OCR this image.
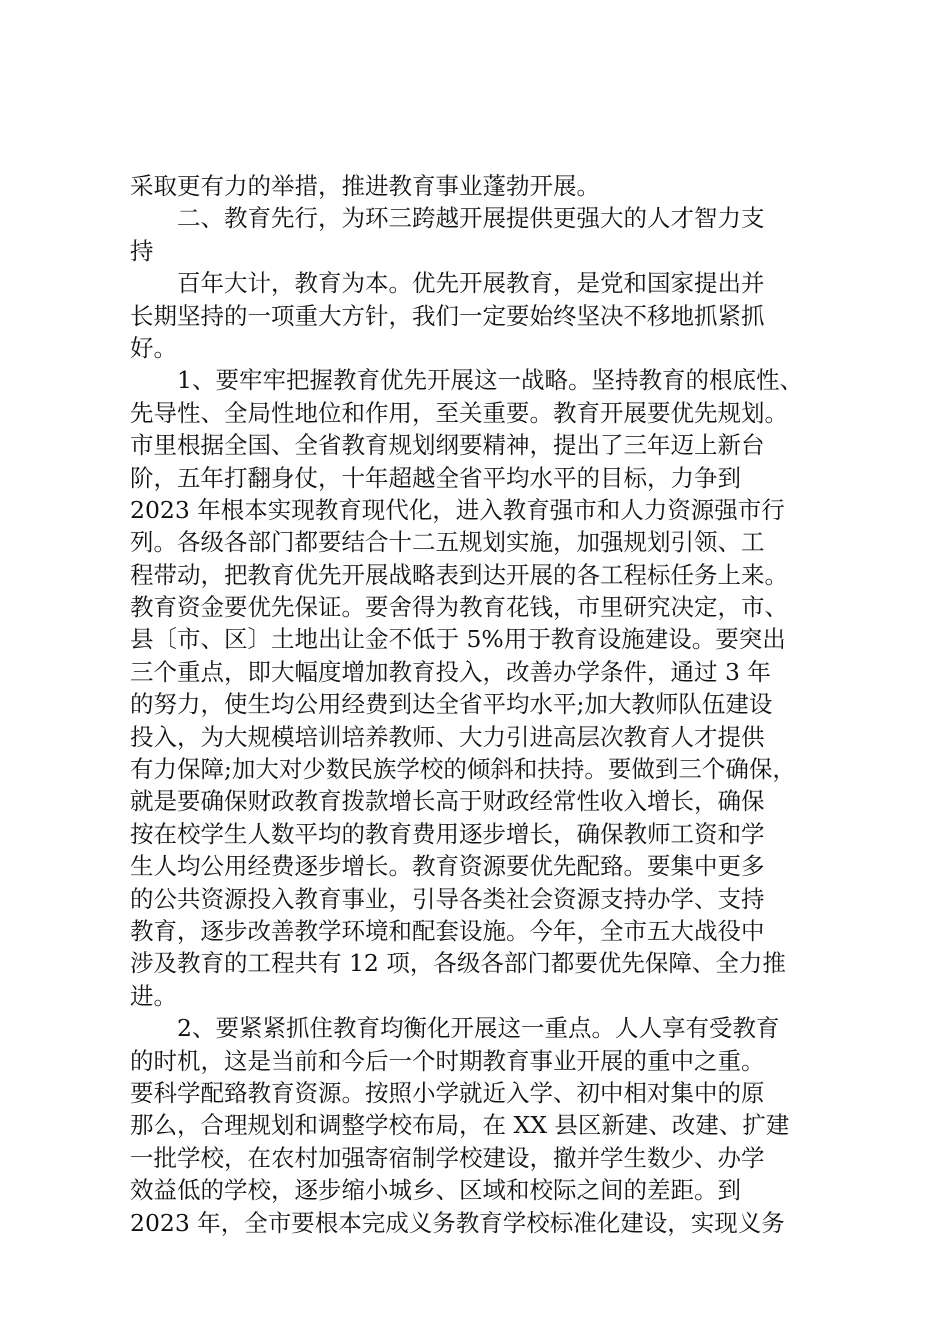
采取更有力的举措，推进教育事业蓬勃开展。
二、教育先行，为环三跨越开展提供更强大的人才智力支
持
百年大计，教育为本。优先开展教育，是党和国家提出并
长期坚持的一项重大方针，我们一定要始终坚决不移地抓紧抓
好。
1、要牢牢把握教育优先开展这一战略。坚持教育的根底性、
先导性、全局性地位和作用，至关重要。教育开展要优先规划。
市里根据全国、全省教育规划纲要精神，提出了三年迈上新台
阶，五年打翻身仗，十年超越全省平均水平的目标，力争到
2023 年根本实现教育现代化，进入教育强市和人力资源强市行
列。各级各部门都要结合十二五规划实施，加强规划引领、工
程带动，把教育优先开展战略表到达开展的各工程标任务上来。
教育资金要优先保证。要舍得为教育花钱，市里研究决定，市、
县〔市、区〕土地出让金不低于 5%用于教育设施建设。要突出
三个重点，即大幅度增加教育投入，改善办学条件，通过 3 年
的努力，使生均公用经费到达全省平均水平;加大教师队伍建设
投入，为大规模培训培养教师、大力引进高层次教育人才提供
有力保障;加大对少数民族学校的倾斜和扶持。要做到三个确保，
就是要确保财政教育拨款增长高于财政经常性收入增长，确保
按在校学生人数平均的教育费用逐步增长，确保教师工资和学
生人均公用经费逐步增长。教育资源要优先配臵。要集中更多
的公共资源投入教育事业，引导各类社会资源支持办学、支持
教育，逐步改善教学环境和配套设施。今年，全市五大战役中
涉及教育的工程共有 12 项，各级各部门都要优先保障、全力推
进。
2、要紧紧抓住教育均衡化开展这一重点。人人享有受教育
的时机，这是当前和今后一个时期教育事业开展的重中之重。
要科学配臵教育资源。按照小学就近入学、初中相对集中的原
那么，合理规划和调整学校布局，在 XX 县区新建、改建、扩建
一批学校，在农村加强寄宿制学校建设，撤并学生数少、办学
效益低的学校，逐步缩小城乡、区域和校际之间的差距。到
2023 年，全市要根本完成义务教育学校标准化建设，实现义务
